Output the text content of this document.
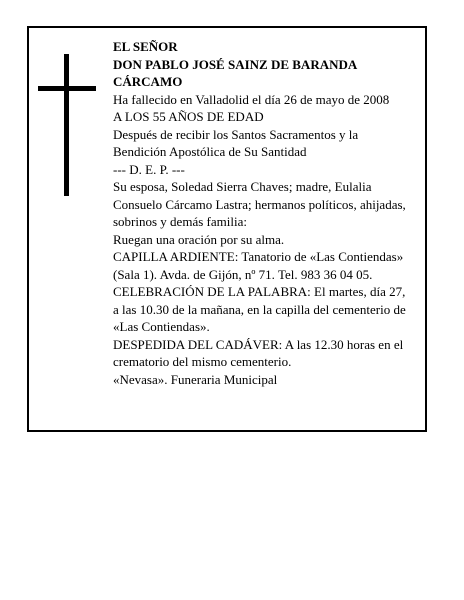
EL SEÑOR

DON PABLO JOSÉ SAINZ DE BARANDA CÁRCAMO

Ha fallecido en Valladolid el día 26 de mayo de 2008

A LOS 55 AÑOS DE EDAD

Después de recibir los Santos Sacramentos y la Bendición Apostólica de Su Santidad

--- D. E. P. ---

Su esposa, Soledad Sierra Chaves; madre, Eulalia Consuelo Cárcamo Lastra; hermanos políticos, ahijadas, sobrinos y demás familia:

Ruegan una oración por su alma.

CAPILLA ARDIENTE: Tanatorio de «Las Contiendas» (Sala 1). Avda. de Gijón, nº 71. Tel. 983 36 04 05.

CELEBRACIÓN DE LA PALABRA: El martes, día 27, a las 10.30 de la mañana, en la capilla del cementerio de «Las Contiendas».

DESPEDIDA DEL CADÁVER: A las 12.30 horas en el crematorio del mismo cementerio.

«Nevasa». Funeraria Municipal
